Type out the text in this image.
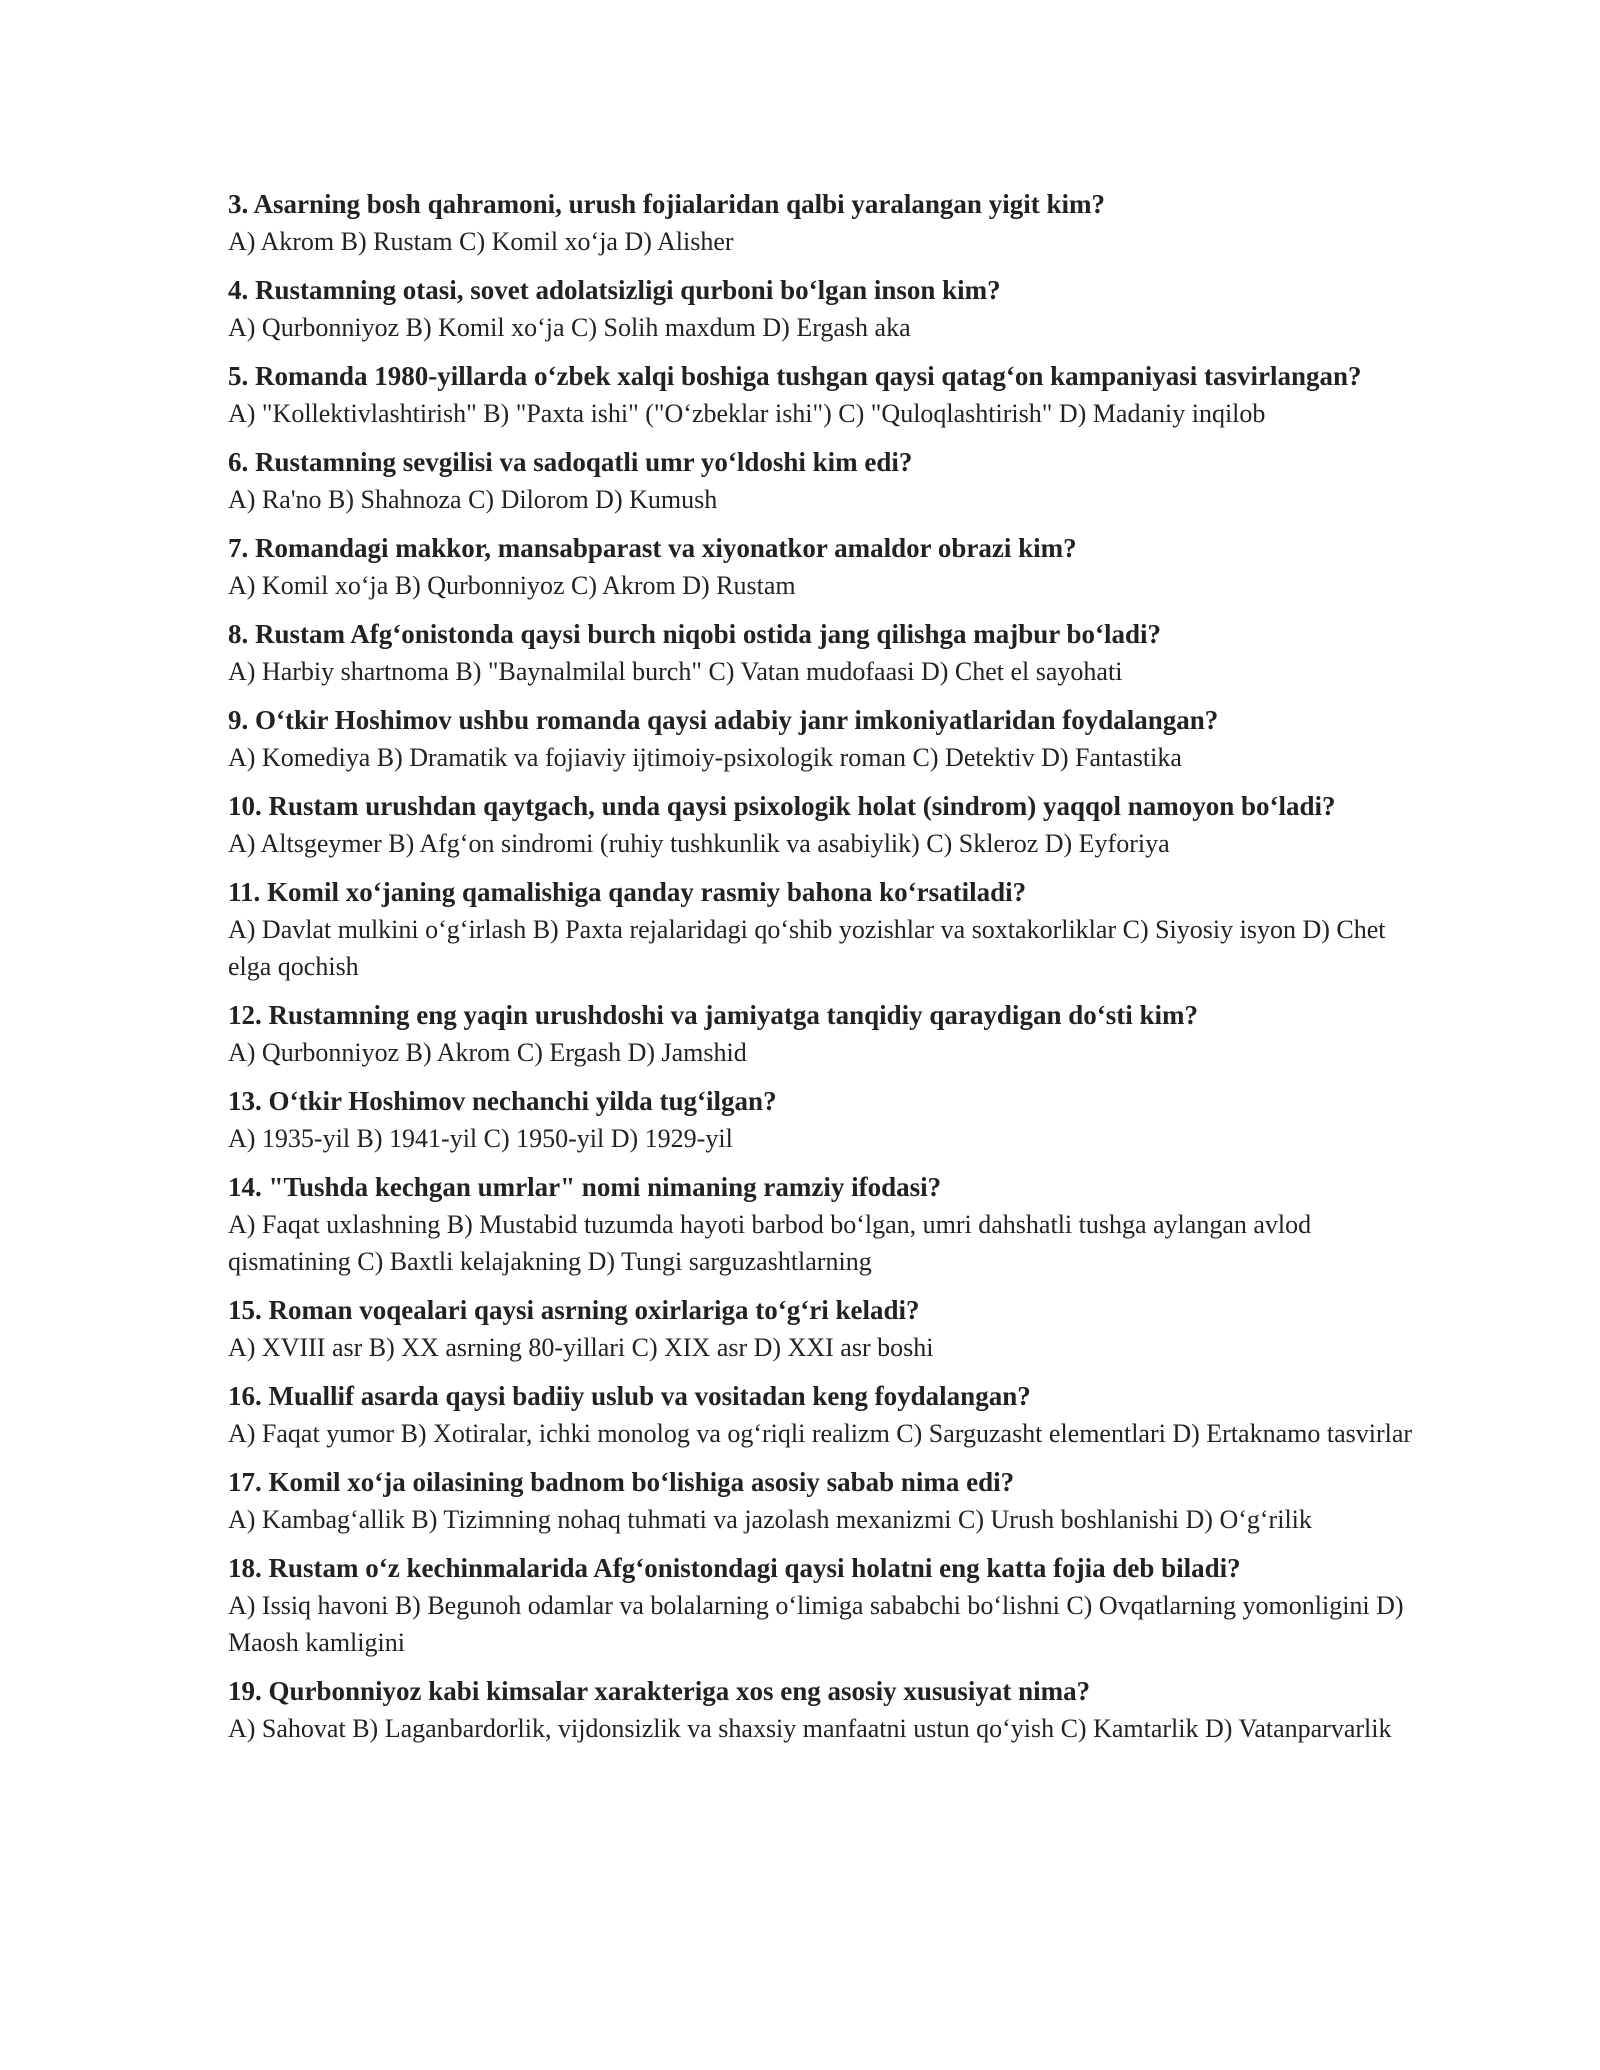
3. Asarning bosh qahramoni, urush fojialaridan qalbi yaralangan yigit kim?

A) Akrom B) Rustam C) Komil xo‘ja D) Alisher

4. Rustamning otasi, sovet adolatsizligi qurboni bo‘lgan inson kim?

A) Qurbonniyoz B) Komil xo‘ja C) Solih maxdum D) Ergash aka

5. Romanda 1980-yillarda o‘zbek xalqi boshiga tushgan qaysi qatag‘on kampaniyasi tasvirlangan?

A) "Kollektivlashtirish" B) "Paxta ishi" ("O‘zbeklar ishi") C) "Quloqlashtirish" D) Madaniy inqilob

6. Rustamning sevgilisi va sadoqatli umr yo‘ldoshi kim edi?

A) Ra'no B) Shahnoza C) Dilorom D) Kumush

7. Romandagi makkor, mansabparast va xiyonatkor amaldor obrazi kim?

A) Komil xo‘ja B) Qurbonniyoz C) Akrom D) Rustam

8. Rustam Afg‘onistonda qaysi burch niqobi ostida jang qilishga majbur bo‘ladi?

A) Harbiy shartnoma B) "Baynalmilal burch" C) Vatan mudofaasi D) Chet el sayohati

9. O‘tkir Hoshimov ushbu romanda qaysi adabiy janr imkoniyatlaridan foydalangan?

A) Komediya B) Dramatik va fojiaviy ijtimoiy-psixologik roman C) Detektiv D) Fantastika

10. Rustam urushdan qaytgach, unda qaysi psixologik holat (sindrom) yaqqol namoyon bo‘ladi?

A) Altsgeymer B) Afg‘on sindromi (ruhiy tushkunlik va asabiylik) C) Skleroz D) Eyforiya

11. Komil xo‘janing qamalishiga qanday rasmiy bahona ko‘rsatiladi?

A) Davlat mulkini o‘g‘irlash B) Paxta rejalaridagi qo‘shib yozishlar va soxtakorliklar C) Siyosiy isyon D) Chet elga qochish

12. Rustamning eng yaqin urushdoshi va jamiyatga tanqidiy qaraydigan do‘sti kim?

A) Qurbonniyoz B) Akrom C) Ergash D) Jamshid

13. O‘tkir Hoshimov nechanchi yilda tug‘ilgan?

A) 1935-yil B) 1941-yil C) 1950-yil D) 1929-yil

14. "Tushda kechgan umrlar" nomi nimaning ramziy ifodasi?

A) Faqat uxlashning B) Mustabid tuzumda hayoti barbod bo‘lgan, umri dahshatli tushga aylangan avlod qismatining C) Baxtli kelajakning D) Tungi sarguzashtlarning

15. Roman voqealari qaysi asrning oxirlariga to‘g‘ri keladi?

A) XVIII asr B) XX asrning 80-yillari C) XIX asr D) XXI asr boshi

16. Muallif asarda qaysi badiiy uslub va vositadan keng foydalangan?

A) Faqat yumor B) Xotiralar, ichki monolog va og‘riqli realizm C) Sarguzasht elementlari D) Ertaknamo tasvirlar

17. Komil xo‘ja oilasining badnom bo‘lishiga asosiy sabab nima edi?

A) Kambag‘allik B) Tizimning nohaq tuhmati va jazolash mexanizmi C) Urush boshlanishi D) O‘g‘rilik

18. Rustam o‘z kechinmalarida Afg‘onistondagi qaysi holatni eng katta fojia deb biladi?

A) Issiq havoni B) Begunoh odamlar va bolalarning o‘limiga sababchi bo‘lishni C) Ovqatlarning yomonligini D) Maosh kamligini

19. Qurbonniyoz kabi kimsalar xarakteriga xos eng asosiy xususiyat nima?

A) Sahovat B) Laganbardorlik, vijdonsizlik va shaxsiy manfaatni ustun qo‘yish C) Kamtarlik D) Vatanparvarlik
